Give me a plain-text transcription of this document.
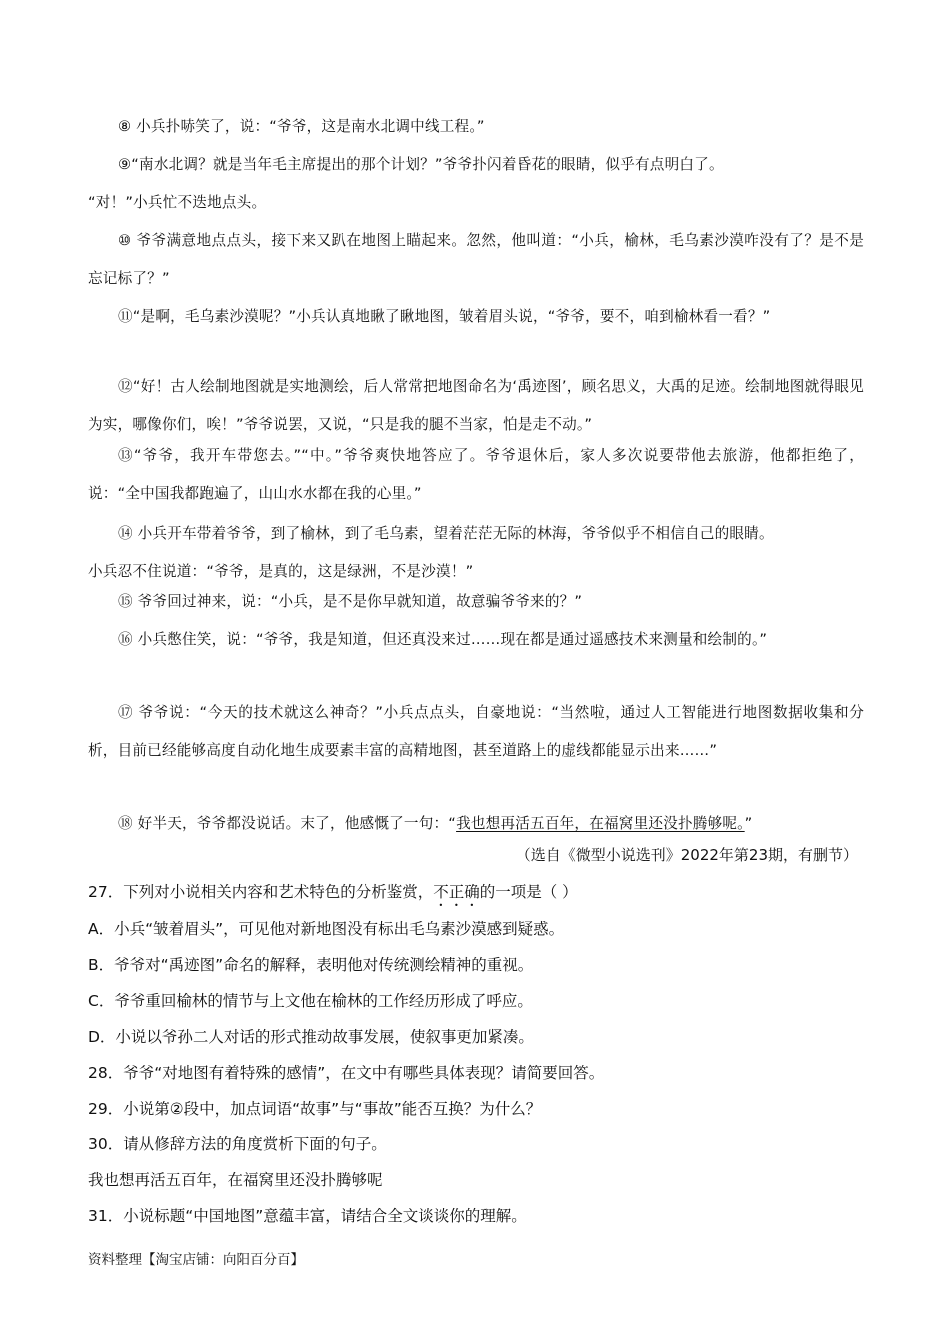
⑧ 小兵扑哧笑了，说：“爷爷，这是南水北调中线工程。”
⑨“南水北调？就是当年毛主席提出的那个计划？”爷爷扑闪着昏花的眼睛，似乎有点明白了。
“对！”小兵忙不迭地点头。
⑩ 爷爷满意地点点头，接下来又趴在地图上瞄起来。忽然，他叫道：“小兵，榆林，毛乌素沙漠咋没有了？是不是忘记标了？”
⑪“是啊，毛乌素沙漠呢？”小兵认真地瞅了瞅地图，皱着眉头说，“爷爷，要不，咱到榆林看一看？”
⑫“好！古人绘制地图就是实地测绘，后人常常把地图命名为‘禹迹图’，顾名思义，大禹的足迹。绘制地图就得眼见为实，哪像你们，唉！”爷爷说罢，又说，“只是我的腿不当家，怕是走不动。”
⑬“爷爷，我开车带您去。”“中。”爷爷爽快地答应了。爷爷退休后，家人多次说要带他去旅游，他都拒绝了，说：“全中国我都跑遍了，山山水水都在我的心里。”
⑭ 小兵开车带着爷爷，到了榆林，到了毛乌素，望着茫茫无际的林海，爷爷似乎不相信自己的眼睛。
小兵忍不住说道：“爷爷，是真的，这是绿洲，不是沙漠！”
⑮ 爷爷回过神来，说：“小兵，是不是你早就知道，故意骗爷爷来的？”
⑯ 小兵憋住笑，说：“爷爷，我是知道，但还真没来过……现在都是通过遥感技术来测量和绘制的。”
⑰ 爷爷说：“今天的技术就这么神奇？”小兵点点头，自豪地说：“当然啦，通过人工智能进行地图数据收集和分析，目前已经能够高度自动化地生成要素丰富的高精地图，甚至道路上的虚线都能显示出来……”
⑱ 好半天，爷爷都没说话。末了，他感慨了一句：“我也想再活五百年，在福窝里还没扑腾够呢。”
（选自《微型小说选刊》2022年第23期，有删节）
27．下列对小说相关内容和艺术特色的分析鉴赏，不正确的一项是（ ）
A．小兵“皱着眉头”，可见他对新地图没有标出毛乌素沙漠感到疑惑。
B．爷爷对“禹迹图”命名的解释，表明他对传统测绘精神的重视。
C．爷爷重回榆林的情节与上文他在榆林的工作经历形成了呼应。
D．小说以爷孙二人对话的形式推动故事发展，使叙事更加紧凑。
28．爷爷“对地图有着特殊的感情”，在文中有哪些具体表现？请简要回答。
29．小说第②段中，加点词语“故事”与“事故”能否互换？为什么？
30．请从修辞方法的角度赏析下面的句子。
我也想再活五百年，在福窝里还没扑腾够呢
31．小说标题“中国地图”意蕴丰富，请结合全文谈谈你的理解。
资料整理【淘宝店铺：向阳百分百】
